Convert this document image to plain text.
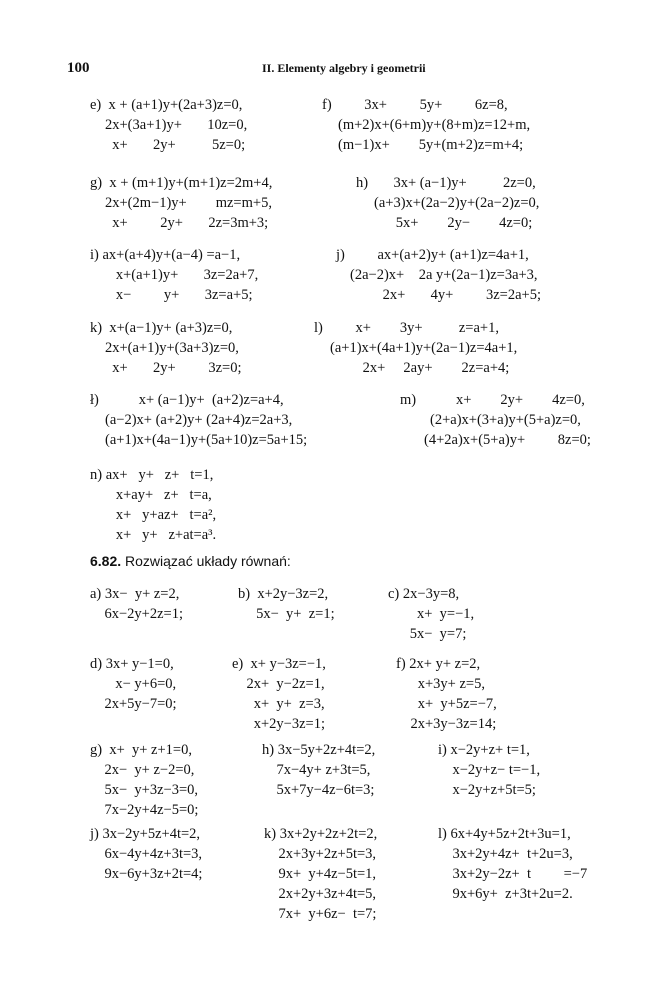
100	II. Elementy algebry i geometrii
e)  x + (a+1)y+(2a+3)z=0,
2x+(3a+1)y+       10z=0,
x+       2y+          5z=0;
f)         3x+         5y+         6z=8,
(m+2)x+(6+m)y+(8+m)z=12+m,
(m−1)x+        5y+(m+2)z=m+4;
g)  x + (m+1)y+(m+1)z=2m+4,
2x+(2m−1)y+        mz=m+5,
x+         2y+       2z=3m+3;
h)       3x+ (a−1)y+          2z=0,
(a+3)x+(2a−2)y+(2a−2)z=0,
5x+        2y−        4z=0;
i) ax+(a+4)y+(a−4) =a−1,
x+(a+1)y+       3z=2a+7,
x−         y+       3z=a+5;
j)         ax+(a+2)y+ (a+1)z=4a+1,
(2a−2)x+    2a y+(2a−1)z=3a+3,
2x+       4y+         3z=2a+5;
k)  x+(a−1)y+ (a+3)z=0,
2x+(a+1)y+(3a+3)z=0,
x+       2y+         3z=0;
l)         x+        3y+          z=a+1,
(a+1)x+(4a+1)y+(2a−1)z=4a+1,
2x+     2ay+        2z=a+4;
ł)           x+ (a−1)y+  (a+2)z=a+4,
(a−2)x+ (a+2)y+ (2a+4)z=2a+3,
(a+1)x+(4a−1)y+(5a+10)z=5a+15;
m)           x+        2y+        4z=0,
(2+a)x+(3+a)y+(5+a)z=0,
(4+2a)x+(5+a)y+         8z=0;
n) ax+   y+   z+   t=1,
x+ay+   z+   t=a,
x+   y+az+   t=a²,
x+   y+   z+at=a³.
6.82. Rozwiązać układy równań:
a) 3x−  y+ z=2,
6x−2y+2z=1;
b)  x+2y−3z=2,
5x−  y+  z=1;
c) 2x−3y=8,
x+  y=−1,
5x−  y=7;
d) 3x+ y−1=0,
x− y+6=0,
2x+5y−7=0;
e)  x+ y−3z=−1,
2x+  y−2z=1,
x+  y+  z=3,
x+2y−3z=1;
f) 2x+ y+ z=2,
x+3y+ z=5,
x+  y+5z=−7,
2x+3y−3z=14;
g)  x+  y+ z+1=0,
2x−  y+ z−2=0,
5x−  y+3z−3=0,
7x−2y+4z−5=0;
h) 3x−5y+2z+4t=2,
7x−4y+ z+3t=5,
5x+7y−4z−6t=3;
i) x−2y+z+ t=1,
x−2y+z− t=−1,
x−2y+z+5t=5;
j) 3x−2y+5z+4t=2,
6x−4y+4z+3t=3,
9x−6y+3z+2t=4;
k) 3x+2y+2z+2t=2,
2x+3y+2z+5t=3,
9x+  y+4z−5t=1,
2x+2y+3z+4t=5,
7x+  y+6z−  t=7;
l) 6x+4y+5z+2t+3u=1,
3x+2y+4z+  t+2u=3,
3x+2y−2z+  t         =−7
9x+6y+  z+3t+2u=2.
